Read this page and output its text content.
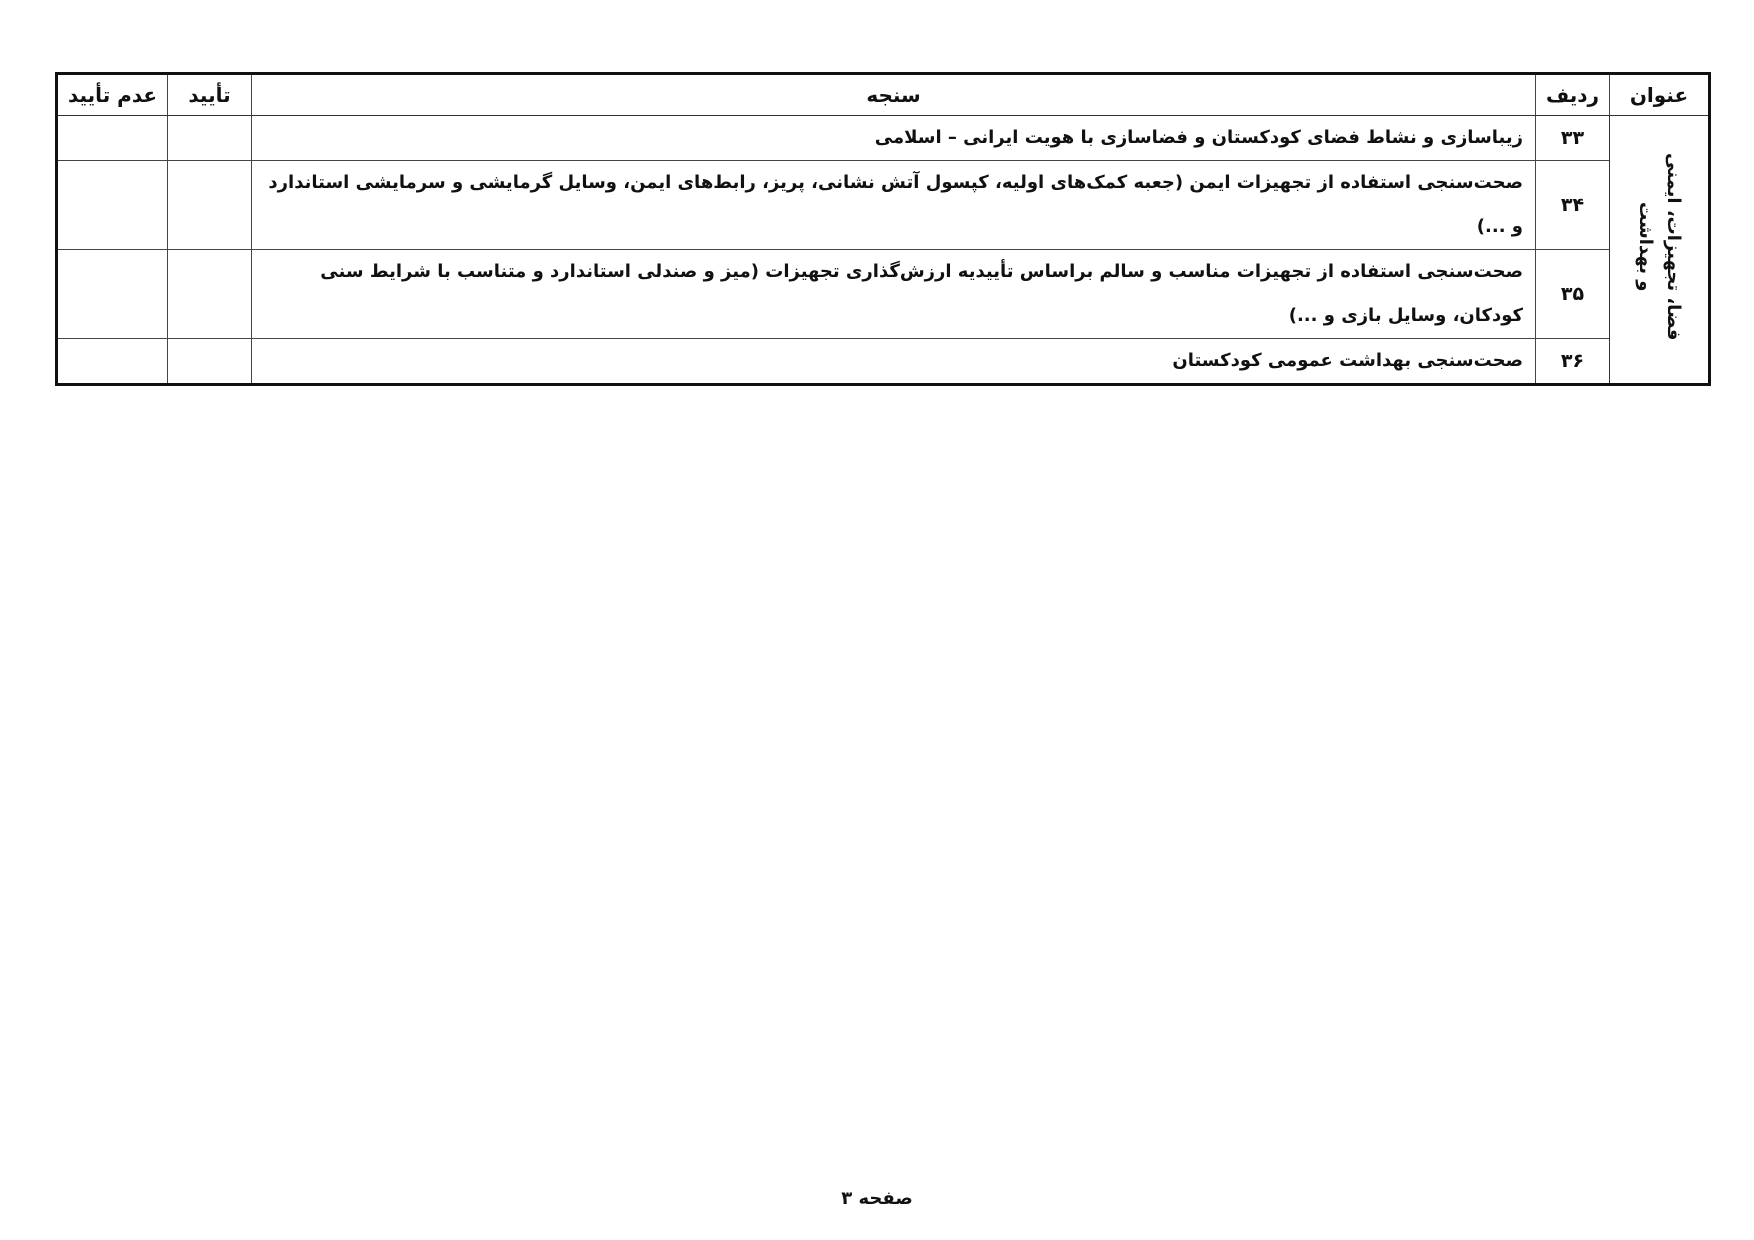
عنوان	ردیف	سنجه	تأیید	عدم تأیید
فضا، تجهیزات، ایمنی و بهداشت	۳۳	زیباسازی و نشاط فضای کودکستان و فضاسازی با هویت ایرانی – اسلامی		
	۳۴	صحت‌سنجی استفاده از تجهیزات ایمن (جعبه کمک‌های اولیه، کپسول آتش نشانی، پریز، رابط‌های ایمن، وسایل گرمایشی و سرمایشی استاندارد و ...)		
	۳۵	صحت‌سنجی استفاده از تجهیزات مناسب و سالم براساس تأییدیه ارزش‌گذاری تجهیزات (میز و صندلی استاندارد و متناسب با شرایط سنی کودکان، وسایل بازی و ...)		
	۳۶	صحت‌سنجی بهداشت عمومی کودکستان		
صفحه ۳
